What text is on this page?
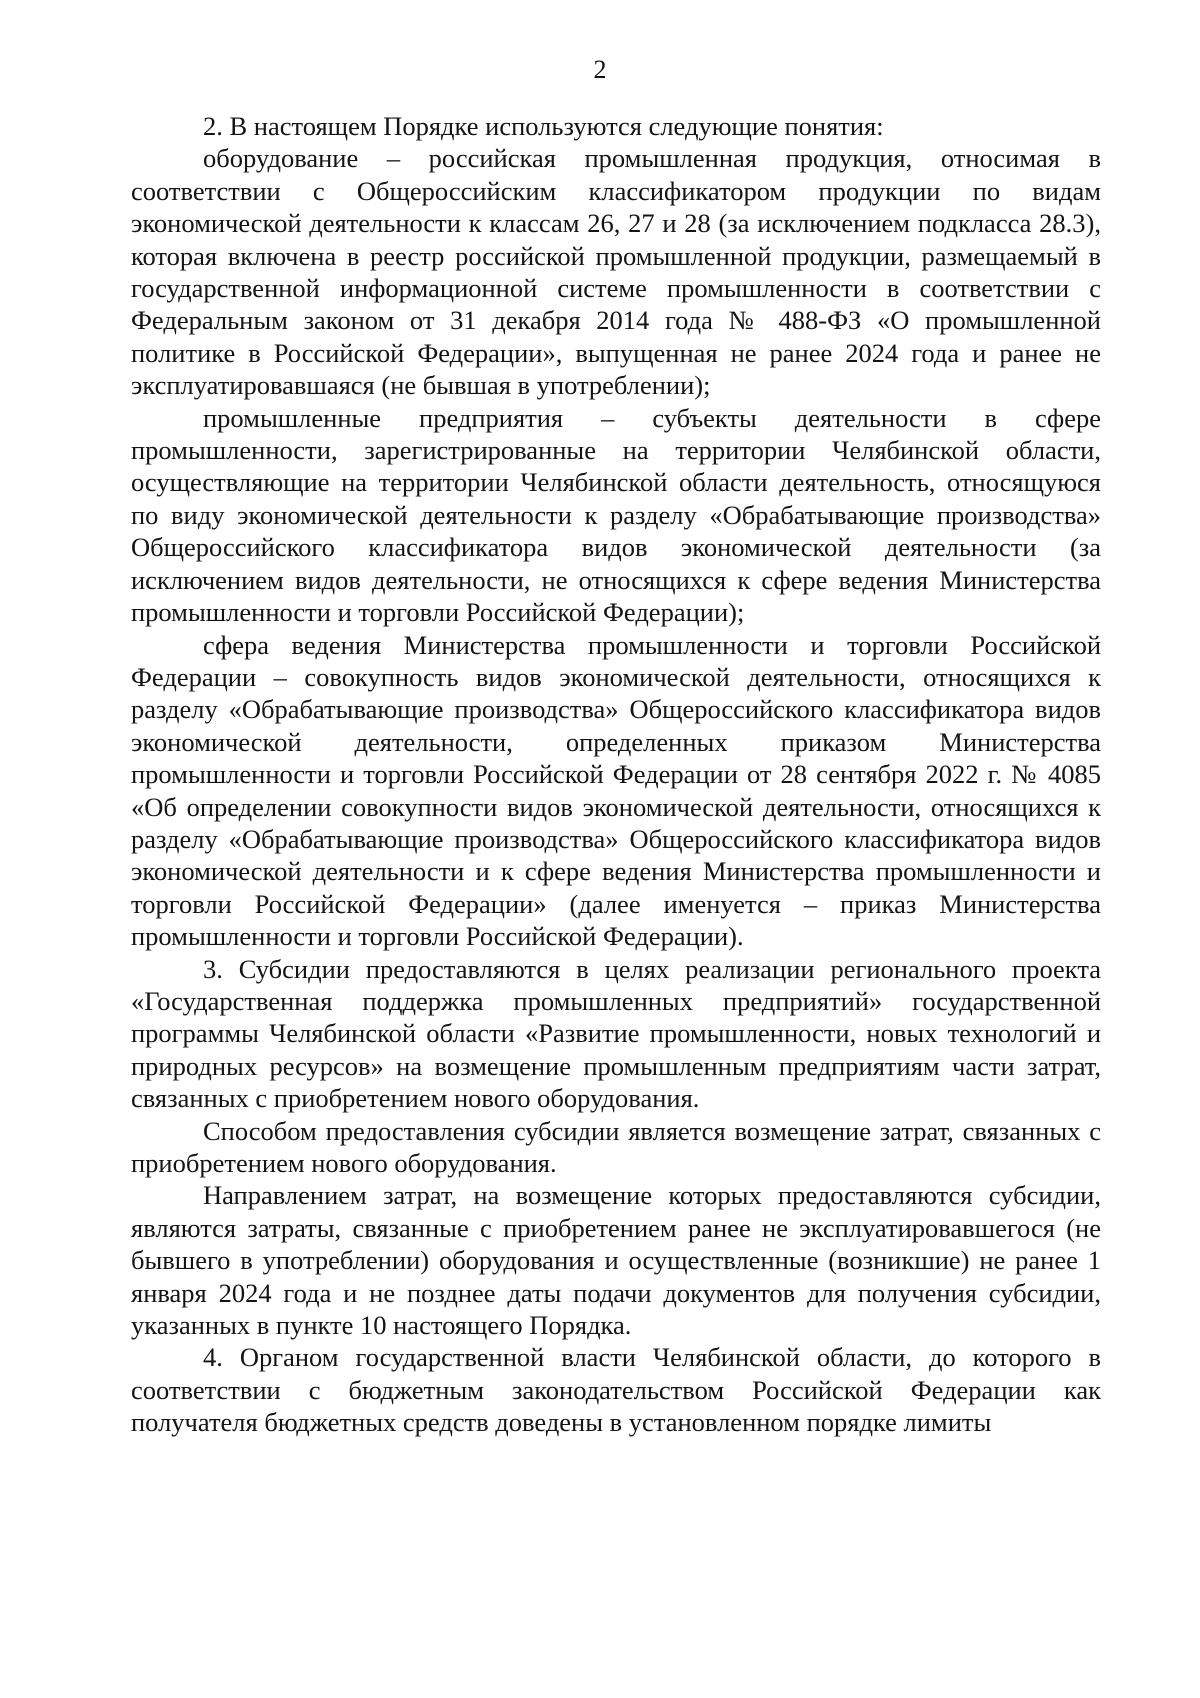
2

2. В настоящем Порядке используются следующие понятия:

оборудование – российская промышленная продукция, относимая в соответствии с Общероссийским классификатором продукции по видам экономической деятельности к классам 26, 27 и 28 (за исключением подкласса 28.3), которая включена в реестр российской промышленной продукции, размещаемый в государственной информационной системе промышленности в соответствии с Федеральным законом от 31 декабря 2014 года № 488-ФЗ «О промышленной политике в Российской Федерации», выпущенная не ранее 2024 года и ранее не эксплуатировавшаяся (не бывшая в употреблении);

промышленные предприятия – субъекты деятельности в сфере промышленности, зарегистрированные на территории Челябинской области, осуществляющие на территории Челябинской области деятельность, относящуюся по виду экономической деятельности к разделу «Обрабатывающие производства» Общероссийского классификатора видов экономической деятельности (за исключением видов деятельности, не относящихся к сфере ведения Министерства промышленности и торговли Российской Федерации);

сфера ведения Министерства промышленности и торговли Российской Федерации – совокупность видов экономической деятельности, относящихся к разделу «Обрабатывающие производства» Общероссийского классификатора видов экономической деятельности, определенных приказом Министерства промышленности и торговли Российской Федерации от 28 сентября 2022 г. № 4085 «Об определении совокупности видов экономической деятельности, относящихся к разделу «Обрабатывающие производства» Общероссийского классификатора видов экономической деятельности и к сфере ведения Министерства промышленности и торговли Российской Федерации» (далее именуется – приказ Министерства промышленности и торговли Российской Федерации).

3. Субсидии предоставляются в целях реализации регионального проекта «Государственная поддержка промышленных предприятий» государственной программы Челябинской области «Развитие промышленности, новых технологий и природных ресурсов» на возмещение промышленным предприятиям части затрат, связанных с приобретением нового оборудования.

Способом предоставления субсидии является возмещение затрат, связанных с приобретением нового оборудования.

Направлением затрат, на возмещение которых предоставляются субсидии, являются затраты, связанные с приобретением ранее не эксплуатировавшегося (не бывшего в употреблении) оборудования и осуществленные (возникшие) не ранее 1 января 2024 года и не позднее даты подачи документов для получения субсидии, указанных в пункте 10 настоящего Порядка.

4. Органом государственной власти Челябинской области, до которого в соответствии с бюджетным законодательством Российской Федерации как получателя бюджетных средств доведены в установленном порядке лимиты
